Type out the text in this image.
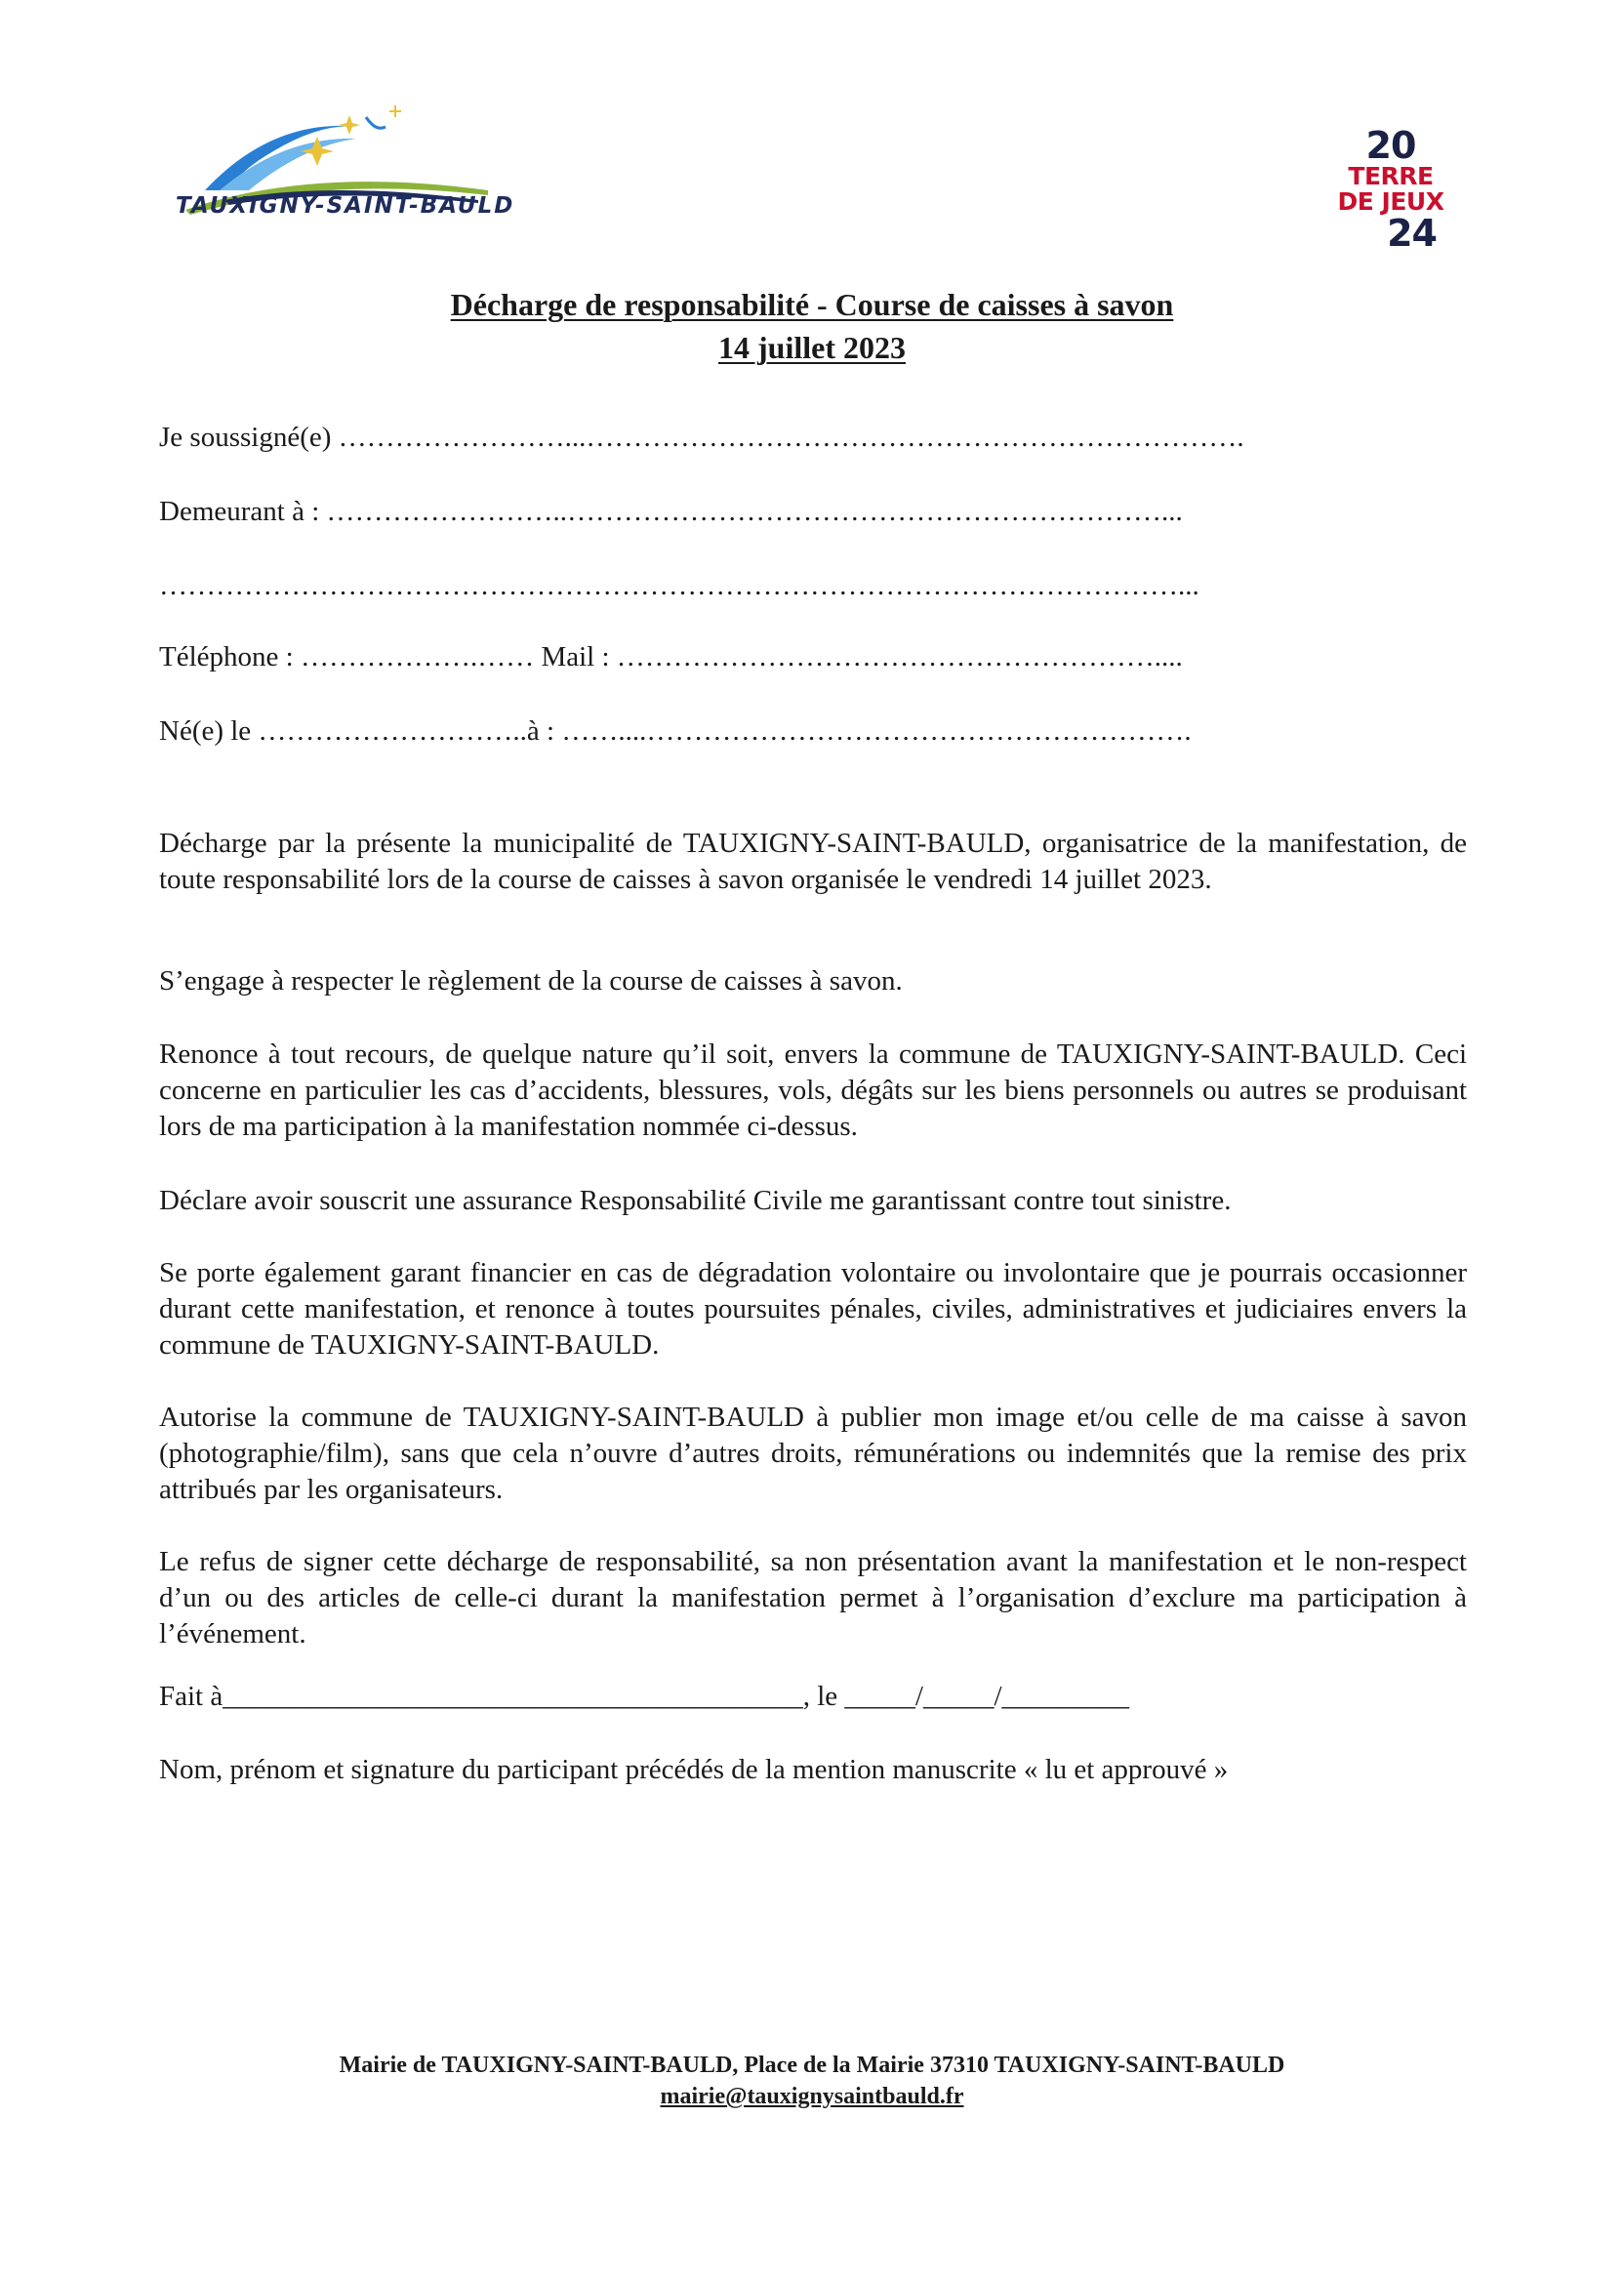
TAUXIGNY-SAINT-BAULD
20
TERRE
DE JEUX
24
Décharge de responsabilité - Course de caisses à savon
14 juillet 2023
Je soussigné(e) ……………………...…………………………………………………………….
Demeurant à : ……………………..………………………………………………………...
………………………………………………………………………………………………...
Téléphone : ……………….…… Mail : …………………………………………………....
Né(e) le ………………………..à : ……....………………………………………………….
Décharge par la présente la municipalité de TAUXIGNY-SAINT-BAULD, organisatrice de la manifestation, de toute responsabilité lors de la course de caisses à savon organisée le vendredi 14 juillet 2023.
S’engage à respecter le règlement de la course de caisses à savon.
Renonce à tout recours, de quelque nature qu’il soit, envers la commune de TAUXIGNY-SAINT-BAULD. Ceci concerne en particulier les cas d’accidents, blessures, vols, dégâts sur les biens personnels ou autres se produisant lors de ma participation à la manifestation nommée ci-dessus.
Déclare avoir souscrit une assurance Responsabilité Civile me garantissant contre tout sinistre.
Se porte également garant financier en cas de dégradation volontaire ou involontaire que je pourrais occasionner durant cette manifestation, et renonce à toutes poursuites pénales, civiles, administratives et judiciaires envers la commune de TAUXIGNY-SAINT-BAULD.
Autorise la commune de TAUXIGNY-SAINT-BAULD à publier mon image et/ou celle de ma caisse à savon (photographie/film), sans que cela n’ouvre d’autres droits, rémunérations ou indemnités que la remise des prix attribués par les organisateurs.
Le refus de signer cette décharge de responsabilité, sa non présentation avant la manifestation et le non-respect d’un ou des articles de celle-ci durant la manifestation permet à l’organisation d’exclure ma participation à l’événement.
Fait à_________________________________________, le _____/_____/_________
Nom, prénom et signature du participant précédés de la mention manuscrite « lu et approuvé »
Mairie de TAUXIGNY-SAINT-BAULD, Place de la Mairie 37310 TAUXIGNY-SAINT-BAULD
mairie@tauxignysaintbauld.fr
